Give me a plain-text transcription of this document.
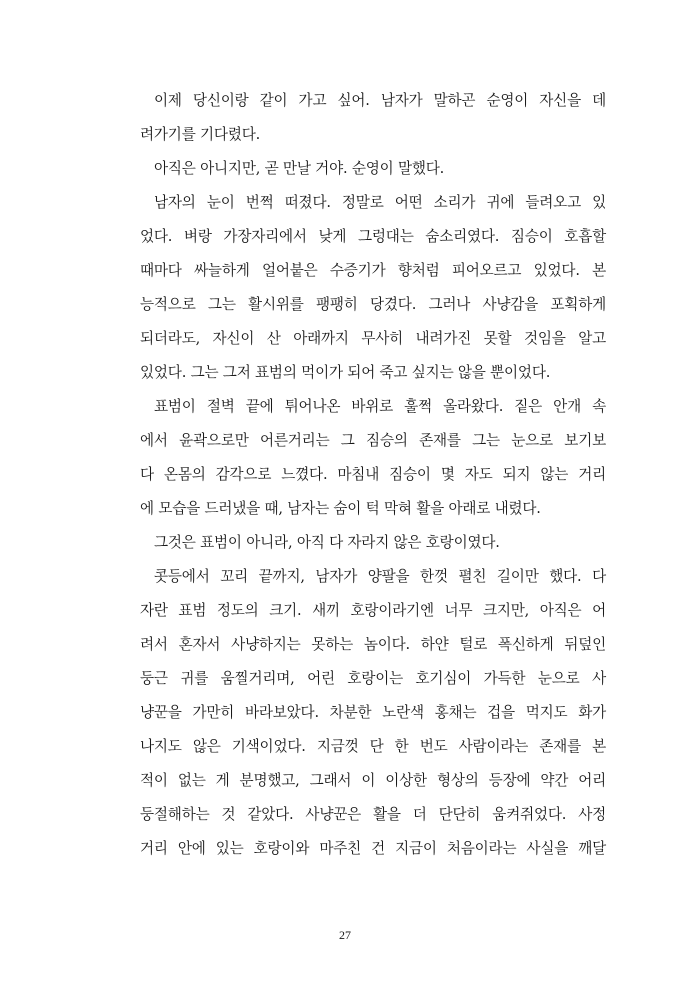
이제 당신이랑 같이 가고 싶어. 남자가 말하곤 순영이 자신을 데
려가기를 기다렸다.
아직은 아니지만, 곧 만날 거야. 순영이 말했다.
남자의 눈이 번쩍 떠졌다. 정말로 어떤 소리가 귀에 들려오고 있
었다. 벼랑 가장자리에서 낮게 그렁대는 숨소리였다. 짐승이 호흡할
때마다 싸늘하게 얼어붙은 수증기가 향처럼 피어오르고 있었다. 본
능적으로 그는 활시위를 팽팽히 당겼다. 그러나 사냥감을 포획하게
되더라도, 자신이 산 아래까지 무사히 내려가진 못할 것임을 알고
있었다. 그는 그저 표범의 먹이가 되어 죽고 싶지는 않을 뿐이었다.
표범이 절벽 끝에 튀어나온 바위로 훌쩍 올라왔다. 짙은 안개 속
에서 윤곽으로만 어른거리는 그 짐승의 존재를 그는 눈으로 보기보
다 온몸의 감각으로 느꼈다. 마침내 짐승이 몇 자도 되지 않는 거리
에 모습을 드러냈을 때, 남자는 숨이 턱 막혀 활을 아래로 내렸다.
그것은 표범이 아니라, 아직 다 자라지 않은 호랑이였다.
콧등에서 꼬리 끝까지, 남자가 양팔을 한껏 펼친 길이만 했다. 다
자란 표범 정도의 크기. 새끼 호랑이라기엔 너무 크지만, 아직은 어
려서 혼자서 사냥하지는 못하는 놈이다. 하얀 털로 폭신하게 뒤덮인
둥근 귀를 움찔거리며, 어린 호랑이는 호기심이 가득한 눈으로 사
냥꾼을 가만히 바라보았다. 차분한 노란색 홍채는 겁을 먹지도 화가
나지도 않은 기색이었다. 지금껏 단 한 번도 사람이라는 존재를 본
적이 없는 게 분명했고, 그래서 이 이상한 형상의 등장에 약간 어리
둥절해하는 것 같았다. 사냥꾼은 활을 더 단단히 움켜쥐었다. 사정
거리 안에 있는 호랑이와 마주친 건 지금이 처음이라는 사실을 깨달
27
